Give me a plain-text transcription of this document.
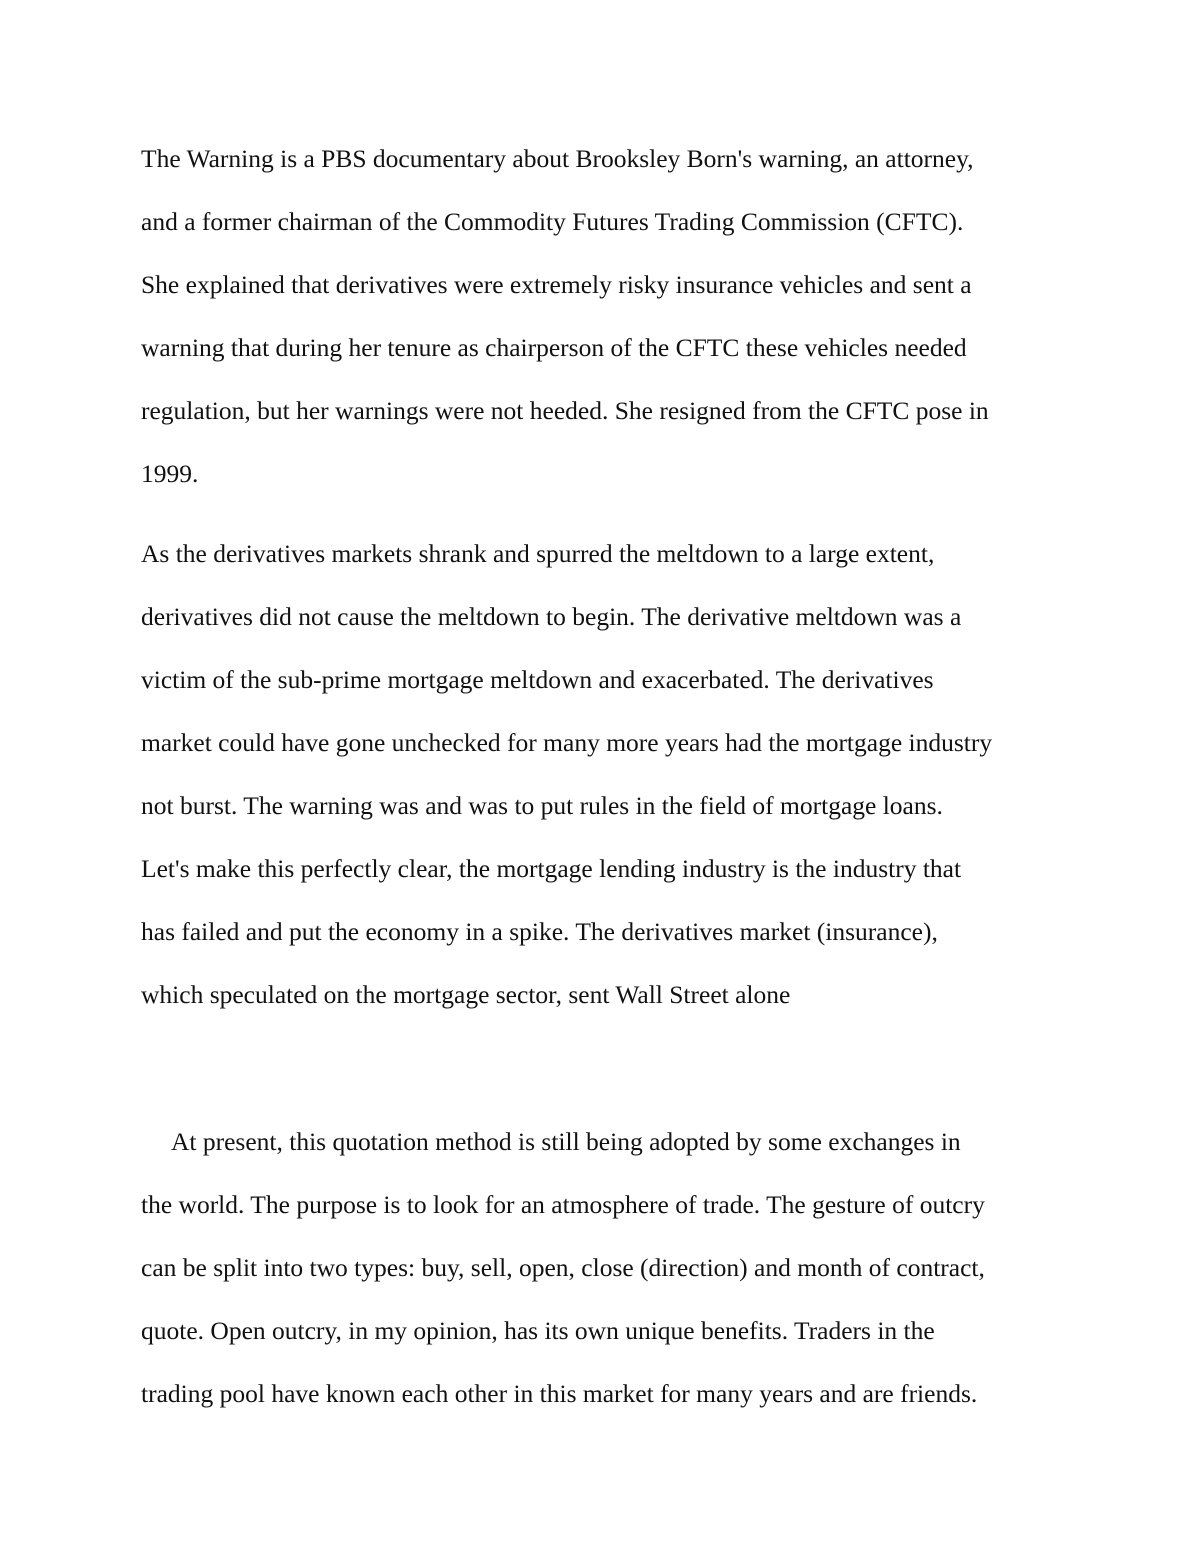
The Warning is a PBS documentary about Brooksley Born's warning, an attorney,

and a former chairman of the Commodity Futures Trading Commission (CFTC).

She explained that derivatives were extremely risky insurance vehicles and sent a

warning that during her tenure as chairperson of the CFTC these vehicles needed

regulation, but her warnings were not heeded. She resigned from the CFTC pose in

1999.

As the derivatives markets shrank and spurred the meltdown to a large extent,

derivatives did not cause the meltdown to begin. The derivative meltdown was a

victim of the sub-prime mortgage meltdown and exacerbated. The derivatives

market could have gone unchecked for many more years had the mortgage industry

not burst. The warning was and was to put rules in the field of mortgage loans.

Let's make this perfectly clear, the mortgage lending industry is the industry that

has failed and put the economy in a spike. The derivatives market (insurance),

which speculated on the mortgage sector, sent Wall Street alone

At present, this quotation method is still being adopted by some exchanges in

the world. The purpose is to look for an atmosphere of trade. The gesture of outcry

can be split into two types: buy, sell, open, close (direction) and month of contract,

quote. Open outcry, in my opinion, has its own unique benefits. Traders in the

trading pool have known each other in this market for many years and are friends.
